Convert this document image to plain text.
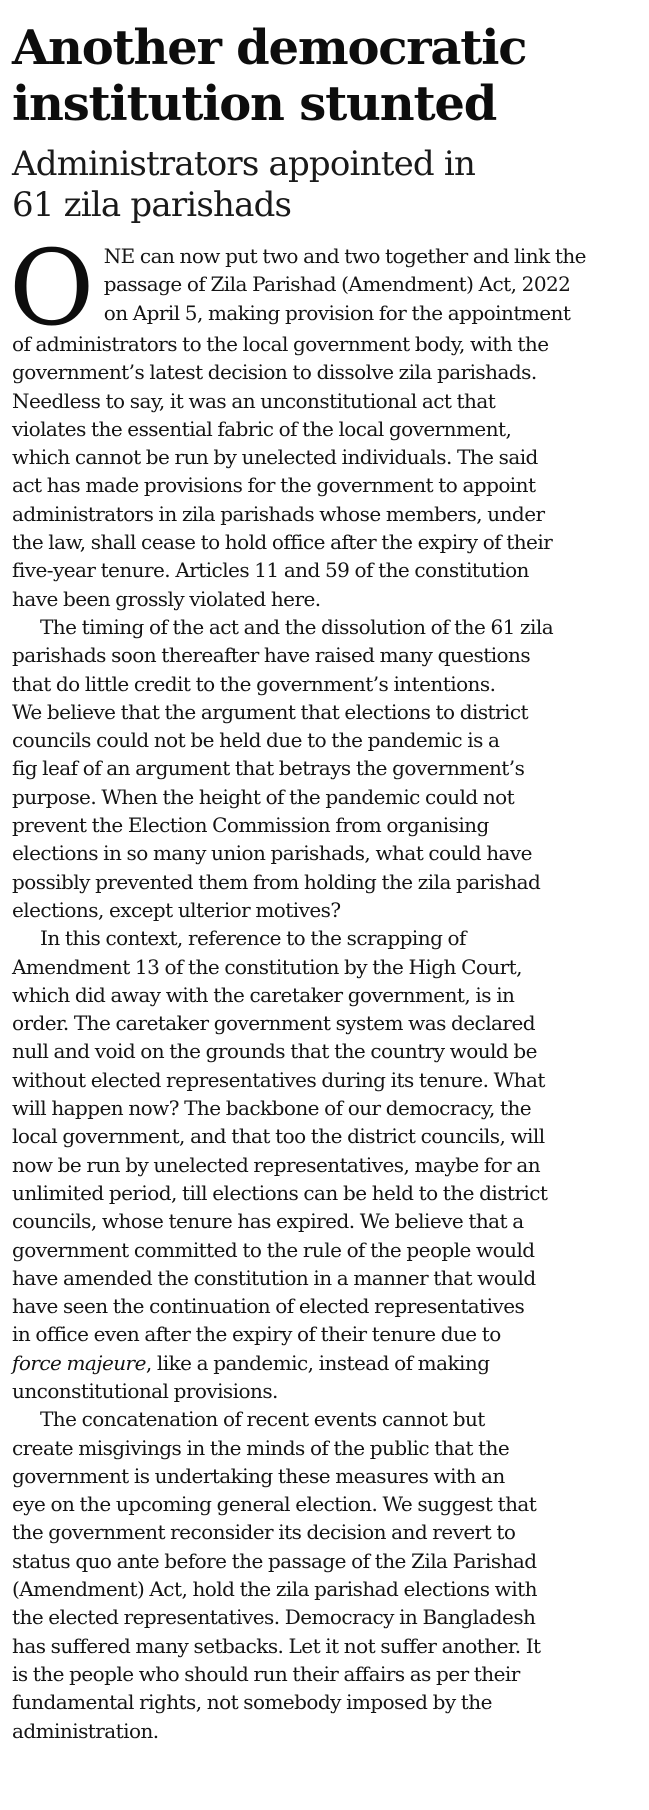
Another democratic
institution stunted
Administrators appointed in
61 zila parishads
O NE can now put two and two together and link the
passage of Zila Parishad (Amendment) Act, 2022
on April 5, making provision for the appointment
of administrators to the local government body, with the
government’s latest decision to dissolve zila parishads.
Needless to say, it was an unconstitutional act that
violates the essential fabric of the local government,
which cannot be run by unelected individuals. The said
act has made provisions for the government to appoint
administrators in zila parishads whose members, under
the law, shall cease to hold office after the expiry of their
five-year tenure. Articles 11 and 59 of the constitution
have been grossly violated here.
The timing of the act and the dissolution of the 61 zila
parishads soon thereafter have raised many questions
that do little credit to the government’s intentions.
We believe that the argument that elections to district
councils could not be held due to the pandemic is a
fig leaf of an argument that betrays the government’s
purpose. When the height of the pandemic could not
prevent the Election Commission from organising
elections in so many union parishads, what could have
possibly prevented them from holding the zila parishad
elections, except ulterior motives?
In this context, reference to the scrapping of
Amendment 13 of the constitution by the High Court,
which did away with the caretaker government, is in
order. The caretaker government system was declared
null and void on the grounds that the country would be
without elected representatives during its tenure. What
will happen now? The backbone of our democracy, the
local government, and that too the district councils, will
now be run by unelected representatives, maybe for an
unlimited period, till elections can be held to the district
councils, whose tenure has expired. We believe that a
government committed to the rule of the people would
have amended the constitution in a manner that would
have seen the continuation of elected representatives
in office even after the expiry of their tenure due to
force majeure, like a pandemic, instead of making
unconstitutional provisions.
The concatenation of recent events cannot but
create misgivings in the minds of the public that the
government is undertaking these measures with an
eye on the upcoming general election. We suggest that
the government reconsider its decision and revert to
status quo ante before the passage of the Zila Parishad
(Amendment) Act, hold the zila parishad elections with
the elected representatives. Democracy in Bangladesh
has suffered many setbacks. Let it not suffer another. It
is the people who should run their affairs as per their
fundamental rights, not somebody imposed by the
administration.
